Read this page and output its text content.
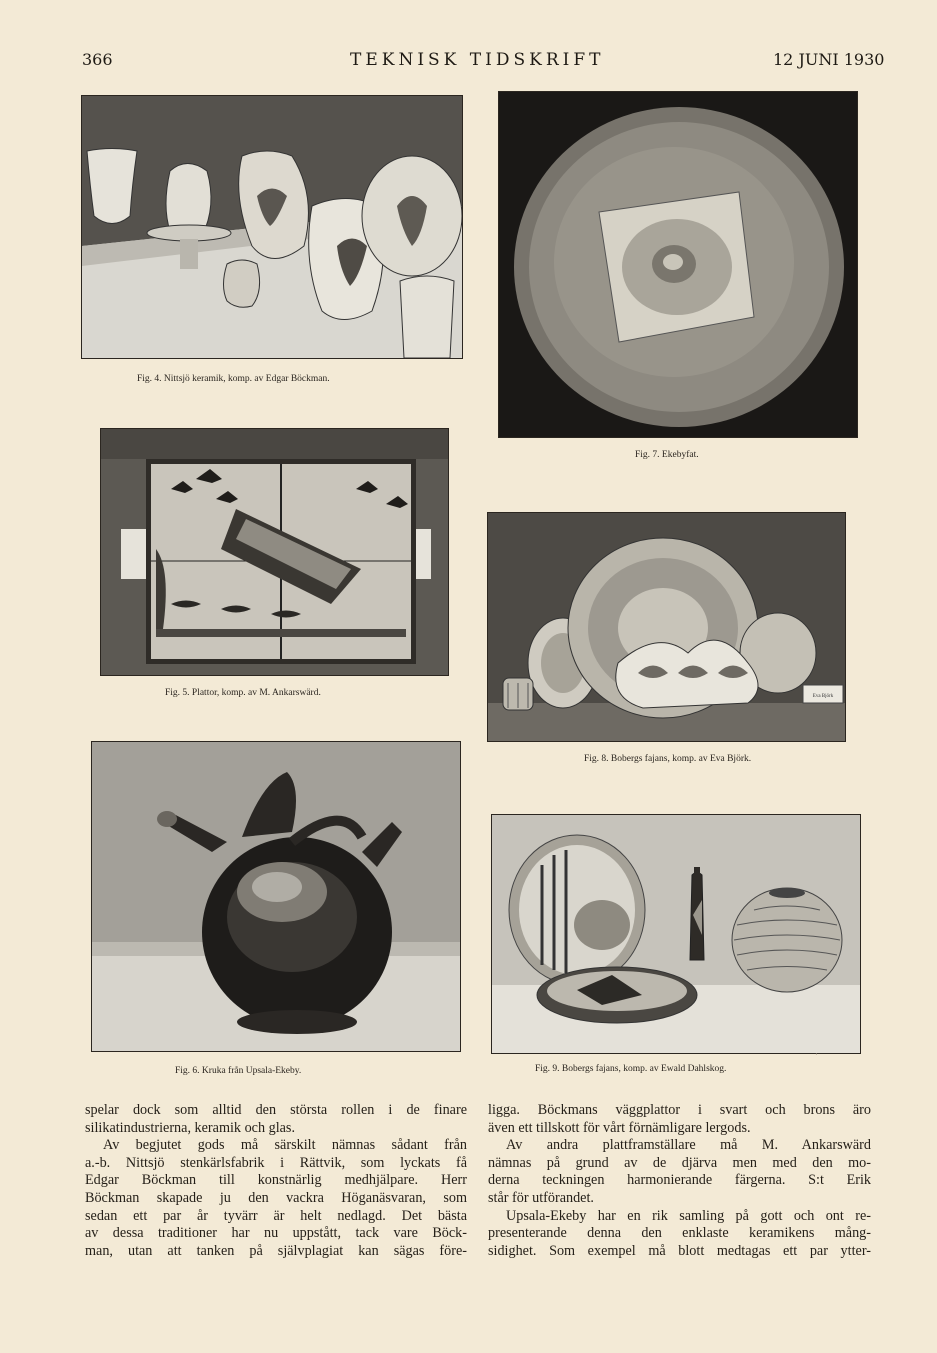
366	TEKNISK TIDSKRIFT	12 JUNI 1930
Fig. 4. Nittsjö keramik, komp. av Edgar Böckman.
Fig. 7. Ekebyfat.
Fig. 5. Plattor, komp. av M. Ankarswärd.	Eva Björk
Fig. 8. Bobergs fajans, komp. av Eva Björk.
Fig. 6. Kruka från Upsala-Ekeby.	Fig. 9. Bobergs fajans, komp. av Ewald Dahlskog.
·

spelar dock som alltid den största rollen i de finare

silikatindustrierna, keramik och glas.

Av begjutet gods må särskilt nämnas sådant från

a.-b. Nittsjö stenkärlsfabrik i Rättvik, som lyckats få

Edgar Böckman till konstnärlig medhjälpare. Herr

Böckman skapade ju den vackra Höganäsvaran, som

sedan ett par år tyvärr är helt nedlagd. Det bästa

av dessa traditioner har nu uppstått, tack vare Böck-

man, utan att tanken på självplagiat kan sägas före-

ligga. Böckmans väggplattor i svart och brons äro

även ett tillskott för vårt förnämligare lergods.

Av andra plattframställare må M. Ankarswärd

nämnas på grund av de djärva men med den mo-

derna teckningen harmonierande färgerna. S:t Erik

står för utförandet.

Upsala-Ekeby har en rik samling på gott och ont re-

presenterande denna den enklaste keramikens mång-

sidighet. Som exempel må blott medtagas ett par ytter-
